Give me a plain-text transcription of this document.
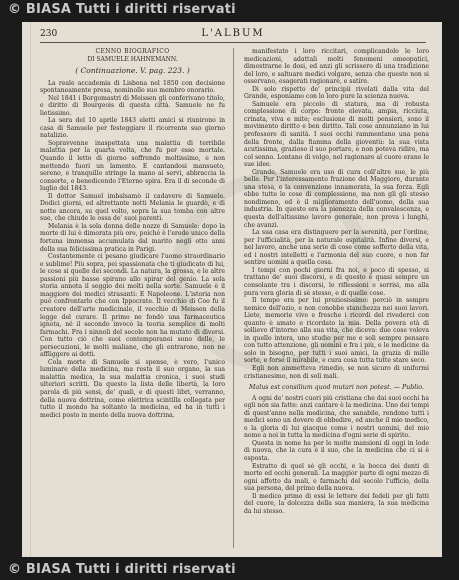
© BIASA Tutti i diritti riservati
230	L'ALBUM
CENNO BIOGRAFICO
DI SAMUELE HAHNEMANN.
( Continuazione. V. pag. 223. )

La reale accademia di Lisbona nel 1850 con decisione spontaneamente presa, nominollo suo membro onorario.

Nel 1841 i Borgomastri di Meissen gli conferivano titolo, e diritto di Bourgeois di questa città. Samuele ne fu lietissimo.

La sera del 10 aprile 1843 eletti amici si riunirono in casa di Samuele per festeggiare il ricorrente suo giorno natalizio.

Sopravvenne inaspettata una malattia di terribile malattia per la quarta volta, che fu per esso mortale. Quando il letto di giorno soffrendo moltissimo, e non mettendo fuori un lamento. E cantandosi mansueto, sereno, e tranquillo stringe la mano ai servi, abbraccia la consorte, e benedicendo l'Eterno spira. Era il di seconde di luglio del 1843.

Il dottor Samuel imbalsamò il cadavere di Samuele. Dodici giorni, ed altrettante notti Melania le guardò, e di notte ancora, su quel volto, sopra la sua tomba con altre sue, che chiude le ossa de' suoi parenti.

Melania è la sola donna delle nozze di Samuele: dopo la morte di lui è dimorata più ore, poiché è l'erede unico della fortuna immensa accumulata dal marito negli otto anni della sua felicissima pratica in Parigi.

Costantemente ci pesano giudicare l'uomo straordinario e sublime! Più sopra, pei spassionata che ti giudicato di lui, le cose si quelle dei secondi. La natura, la grossa, e le altre passioni più basse spirano allo spirar del genio. La sola storia annota il seggio dei molti nella sorte. Samuele è il maggiore dei medici strasanti: E Napoleone. L'istoria non può confrontarlo che con Ippocrate. Il vecchio di Coo fu il creatore dell'arte medicinale, il vecchio di Meissen della legge del curare. Il primo ne fondò una farmaceutica ignota, né il secondo invocò la teoria semplice di molti farmachi. Fra i ninnoli del secolo non ha mutato di diversi. Con tutto ciò che suoi contemporanei sono delle, le persecuzioni, le molti maliane, che gli entrarono, non ne affliggere ai dotti.

Cola morte di Samuele si spense, è vero, l'unico luminare della medicina, ma resta il suo organo, la sua malattia medica, la sua malattia cronica, i suoi studi ulteriori scritti. Da questo la lista delle libertà, la loro parola di più sensi, de' quali, e di questi libri, verranno, della nuova dottrina, come elettrica scintilla collegata per tutto il mondo ha soltanto la medicina, ed ha in tutti i medici posto in mente della nuova dottrina.

manifestato i loro riccitari, complicandolo le loro medicazioni, adattali molti fenomeni omeopatici, dimostrarne le dosi, ed anzi gli scrissero di una tradizione del loro, e saltuare medici volgare, senza che queste non si osservano, esagerati ragionare, e satire.

Di solo rispetto de' principii rivelati dalla vita del Grande, esponiamo con lo loro pure la scienza nuova.

Samuele era piccolo di statura, ma di robusta complessione di corpo: fronte elevata, ampia, ricciuta, crinata, viva e mite; esclusione di molti pensieri, sono il movimento diritto e ben diritto. Tali cose annunziano in lui professore di sanità. I suoi occhi rammentano una pena della fronte, dalla fiamma della gioventù: la sua vista acutissima, grazioso il suo portare, e non poteva ridire, ma col senno. Lontano di volgo, nel ragionare al cuore erano le sue idee.

Grande, Samuele era uso di cura coll'altre sue, le più belle. Per l'interessamento frazione del Maggiore, durante una stesa, e la convenzione innamorata, la sua forza. Egli ebbe tutte le cose di complessione, ma non gli gli stesso nondimeno, ed è il miglioramento dell'uomo, della sua industria. In questo era la pienezza della convalescenza, e questa dell'altissimo lavoro generale, non prova i lunghi, che avanzi.

La sua casa era distinguere per la serenità, per l'ordine, per l'ufficialità, per la naturale ospitalità. Infine diversi, e nel lavoro, anche una serie di cose come sofferto della vita, ed i nostri intelletti e l'armonia del suo cuore, e non far sentire uomini a quella cosa.

I tempi con pochi giorni fra noi, e poco di spesso, si trattano de' suoi discorsi, e di questo è quasi sempre un consolante tra i discorsi, le riflessioni e sorrisi, ma alla pura vera gloria di sé stesso, e di quelle cose.

Il tempo era per lui preziosissimo: perciò in sempre nemico dell'ozio, e non conobbe stanchezza nei suoi lavori. Liete, memorie vive e fresche i ricordi del rivederci con quanto è amato e ricordato la mia. Della povera età di sollievo d'intorno alla sua vita, che diceva: due cose voleva in quello intera, uno studio per me e soli sempre pensare con tutto attenzione, gli uomini e fra i più, e le medicine da solo in bisogno, per tutti i suoi amici, la grazia di mille sorte, e forse il mirabile, e cura cosa tutta tutte stare seco.

Egli non ammetteva rimedio, se non sicuro di uniformi cristianesimo, non di soli mali.

Malus est consilium quod mutari non potest. — Publio.

A ogni de' nostri cuori più cristiana che dai suoi occhi ha egli non sia fatte: anzi cantare è la medicina. Uno dei tempi di quest'anno nella medicina, che sanabile, rendono tutti i medici sono un dovere di obbedire, ed anche il mio medico, e la gloria di lui giacque come i nostri uomini, del mio nome a noi in tutta la medicina d'ogni serie di spirito.

Questa in nome ha per le molte mansioni di oggi in lode di nuova, che la cura è il suo, che la medicina che ci si è esposta.

Estratto di quel sè gli occhi, e la bocca dei denti di morte ed occhi generali. La maggior parte di ogni mezzo di ogni affetto da mali, e farmachi del secolo l'ufficio, della sua persona, del primo della nuova.

Il medico primo di essi le lettere dei fedeli per gli fatti del cuore, la dolcezza della sua maniera, la sua medicina da lui stesso.

© BIASA Tutti i diritti riservati
